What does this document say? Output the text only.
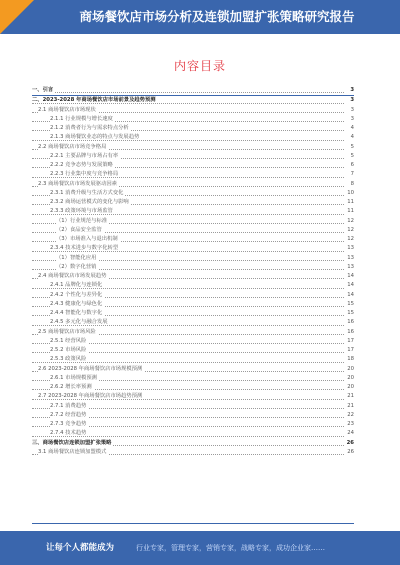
商场餐饮店市场分析及连锁加盟扩张策略研究报告
内容目录
一、引言	3
二、2023-2028 年商场餐饮店市场前景及趋势预测	3
2.1 商场餐饮店市场现状	3
2.1.1 行业规模与增长速度	3
2.1.2 消费者行为与需求特点分析	4
2.1.3 商场餐饮业态的特点与发展趋势	4
2.2 商场餐饮店市场竞争格局	5
2.2.1 主要品牌与市场占有率	5
2.2.2 竞争态势与发展策略	6
2.2.3 行业集中度与竞争格局	7
2.3 商场餐饮店市场发展驱动因素	8
2.3.1 消费升级与生活方式变化	10
2.3.2 商场运营模式的变化与影响	11
2.3.3 政策环境与市场监管	11
（1）行业规范与标准	12
（2）食品安全监管	12
（3）市场准入与退出机制	12
2.3.4 技术进步与数字化转型	13
（1）智能化应用	13
（2）数字化营销	13
2.4 商场餐饮店市场发展趋势	14
2.4.1 品牌化与连锁化	14
2.4.2 个性化与差异化	14
2.4.3 健康化与绿色化	15
2.4.4 智能化与数字化	15
2.4.5 多元化与融合发展	16
2.5 商场餐饮店市场风险	16
2.5.1 经营风险	17
2.5.2 市场风险	17
2.5.3 政策风险	18
2.6 2023-2028 年商场餐饮店市场规模预测	20
2.6.1 市场规模预测	20
2.6.2 增长率预测	20
2.7 2023-2028 年商场餐饮店市场趋势预测	21
2.7.1 消费趋势	21
2.7.2 经营趋势	22
2.7.3 竞争趋势	23
2.7.4 技术趋势	24
三、商场餐饮店连锁加盟扩张策略	26
3.1 商场餐饮店连锁加盟模式	26
让每个人都能成为	行业专家，管理专家，营销专家，战略专家，成功企业家……
